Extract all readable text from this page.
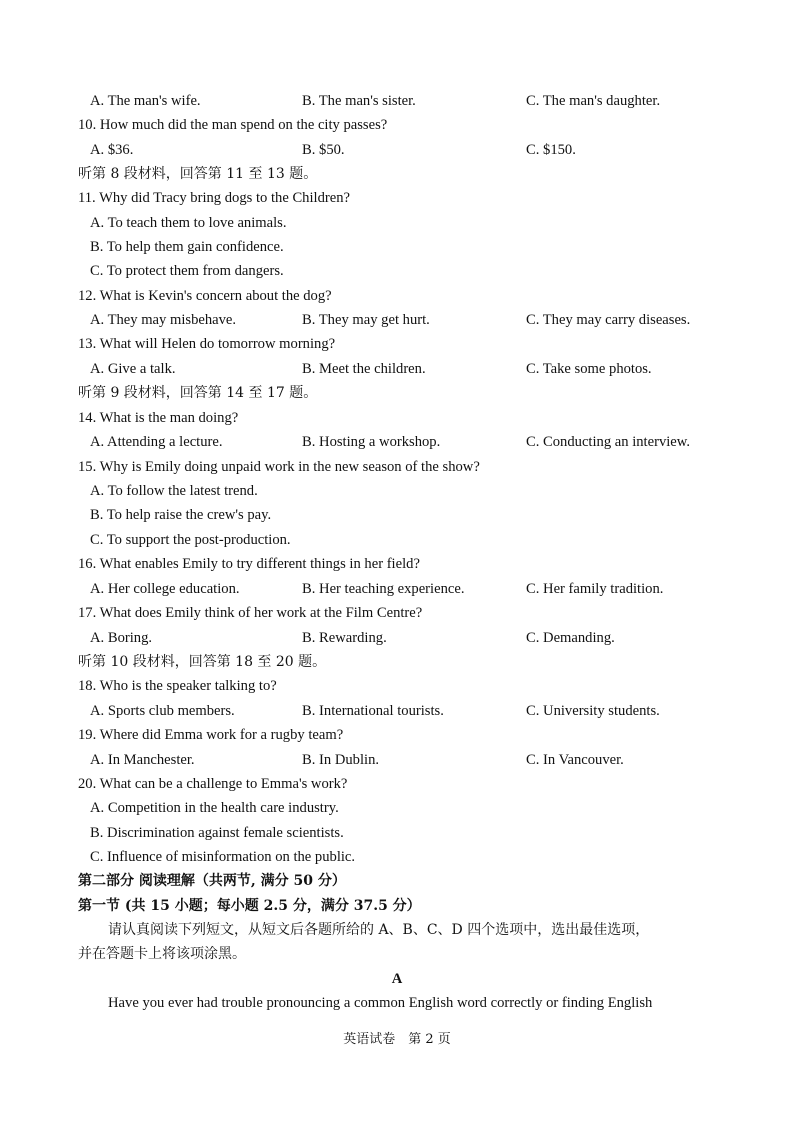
A. The man's wife.	B. The man's sister.	C. The man's daughter.
10. How much did the man spend on the city passes?
A. $36.	B. $50.	C. $150.
听第 8 段材料，回答第 11 至 13 题。
11. Why did Tracy bring dogs to the Children?
A. To teach them to love animals.
B. To help them gain confidence.
C. To protect them from dangers.
12. What is Kevin's concern about the dog?
A. They may misbehave.	B. They may get hurt.	C. They may carry diseases.
13. What will Helen do tomorrow morning?
A. Give a talk.	B. Meet the children.	C. Take some photos.
听第 9 段材料，回答第 14 至 17 题。
14. What is the man doing?
A. Attending a lecture.	B. Hosting a workshop.	C. Conducting an interview.
15. Why is Emily doing unpaid work in the new season of the show?
A. To follow the latest trend.
B. To help raise the crew's pay.
C. To support the post-production.
16. What enables Emily to try different things in her field?
A. Her college education.	B. Her teaching experience.	C. Her family tradition.
17. What does Emily think of her work at the Film Centre?
A. Boring.	B. Rewarding.	C. Demanding.
听第 10 段材料，回答第 18 至 20 题。
18. Who is the speaker talking to?
A. Sports club members.	B. International tourists.	C. University students.
19. Where did Emma work for a rugby team?
A. In Manchester.	B. In Dublin.	C. In Vancouver.
20. What can be a challenge to Emma's work?
A. Competition in the health care industry.
B. Discrimination against female scientists.
C. Influence of misinformation on the public.
第二部分 阅读理解（共两节, 满分 50 分）
第一节 (共 15 小题；每小题 2.5 分，满分 37.5 分）
请认真阅读下列短文，从短文后各题所给的 A、B、C、D 四个选项中，选出最佳选项，
并在答题卡上将该项涂黑。
A
Have you ever had trouble pronouncing a common English word correctly or finding English
英语试卷　第 2 页
